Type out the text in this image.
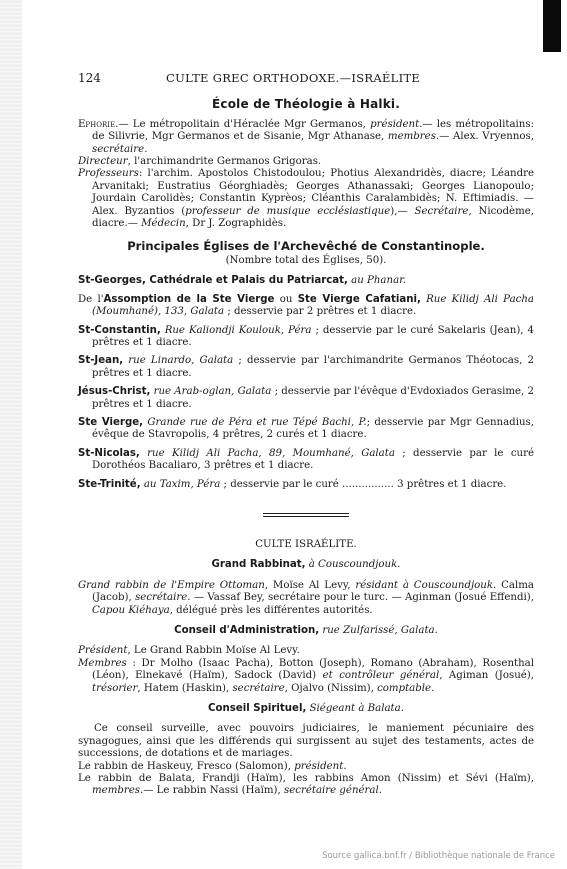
124	CULTE GREC ORTHODOXE.—ISRAÉLITE
École de Théologie à Halki.

Ephorie.— Le métropolitain d'Héraclée Mgr Germanos, président.— les métropolitains: de Silivrie, Mgr Germanos et de Sisanie, Mgr Athanase, membres.— Alex. Vryennos, secrétaire.

Directeur, l'archimandrite Germanos Grigoras.

Professeurs: l'archim. Apostolos Chistodoulou; Photius Alexandridès, diacre; Léandre Arvanitaki; Eustratius Géorghiadès; Georges Athanassaki; Georges Lianopoulo; Jourdain Carolidès; Constantin Kyprèos; Cléanthis Caralambidès; N. Eftimiadis. — Alex. Byzantios (professeur de musique ecclésiastique),— Secrétaire, Nicodème, diacre.— Médecin, Dr J. Zographidès.

Principales Églises de l'Archevêché de Constantinople.
(Nombre total des Églises, 50).

St-Georges, Cathédrale et Palais du Patriarcat, au Phanar.

De l'Assomption de la Ste Vierge ou Ste Vierge Cafatiani, Rue Kilidj Ali Pacha (Moumhané), 133, Galata ; desservie par 2 prêtres et 1 diacre.

St-Constantin, Rue Kaliondji Koulouk, Péra ; desservie par le curé Sakelaris (Jean), 4 prêtres et 1 diacre.

St-Jean, rue Linardo, Galata ; desservie par l'archimandrite Germanos Théotocas, 2 prêtres et 1 diacre.

Jésus-Christ, rue Arab-oglan, Galata ; desservie par l'évêque d'Evdoxiados Gerasime, 2 prêtres et 1 diacre.

Ste Vierge, Grande rue de Péra et rue Tépé Bachi, P.; desservie par Mgr Gennadius, évêque de Stavropolis, 4 prêtres, 2 curés et 1 diacre.

St-Nicolas, rue Kilidj Ali Pacha, 89, Moumhané, Galata ; desservie par le curé Dorothéos Bacaliaro, 3 prêtres et 1 diacre.

Ste-Trinité, au Taxim, Péra ; desservie par le curé ................ 3 prêtres et 1 diacre.

CULTE ISRAÉLITE.
Grand Rabbinat, à Couscoundjouk.

Grand rabbin de l'Empire Ottoman, Moïse Al Levy, résidant à Couscoundjouk. Calma (Jacob), secrétaire. — Vassaf Bey, secrétaire pour le turc. — Aginman (Josué Effendi), Capou Kiéhaya, délégué près les différentes autorités.

Conseil d'Administration, rue Zulfarissé, Galata.

Président, Le Grand Rabbin Moïse Al Levy.

Membres : Dr Molho (Isaac Pacha), Botton (Joseph), Romano (Abraham), Rosenthal (Léon), Elnekavé (Haïm), Sadock (David) et contrôleur général, Agiman (Josué), trésorier, Hatem (Haskin), secrétaire, Ojalvo (Nissim), comptable.

Conseil Spirituel, Siégeant à Balata.

Ce conseil surveille, avec pouvoirs judiciaires, le maniement pécuniaire des synagogues, ainsi que les différends qui surgissent au sujet des testaments, actes de successions, de dotations et de mariages.

Le rabbin de Haskeuy, Fresco (Salomon), président.

Le rabbin de Balata, Frandji (Haïm), les rabbins Amon (Nissim) et Sévi (Haïm), membres.— Le rabbin Nassi (Haïm), secrétaire général.

Source gallica.bnf.fr / Bibliothèque nationale de France
